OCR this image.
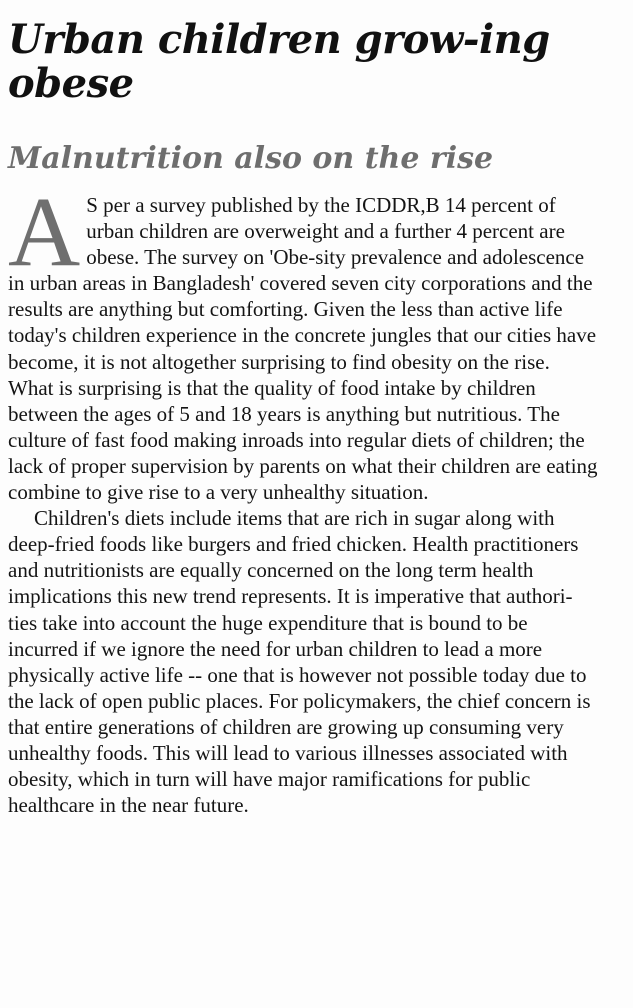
Urban children grow-ing obese
Malnutrition also on the rise

A S per a survey published by the ICDDR,B 14 percent of urban children are overweight and a further 4 percent are obese. The survey on 'Obe-sity prevalence and adolescence in urban areas in Bangladesh' covered seven city corporations and the results are anything but comforting. Given the less than active life today's children experience in the concrete jungles that our cities have become, it is not altogether surprising to find obesity on the rise. What is surprising is that the quality of food intake by children between the ages of 5 and 18 years is anything but nutritious. The culture of fast food making inroads into regular diets of children; the lack of proper supervision by parents on what their children are eating combine to give rise to a very unhealthy situation.

Children's diets include items that are rich in sugar along with deep-fried foods like burgers and fried chicken. Health practitioners and nutritionists are equally concerned on the long term health implications this new trend represents. It is imperative that authori-ties take into account the huge expenditure that is bound to be incurred if we ignore the need for urban children to lead a more physically active life -- one that is however not possible today due to the lack of open public places. For policymakers, the chief concern is that entire generations of children are growing up consuming very unhealthy foods. This will lead to various illnesses associated with obesity, which in turn will have major ramifications for public healthcare in the near future.
